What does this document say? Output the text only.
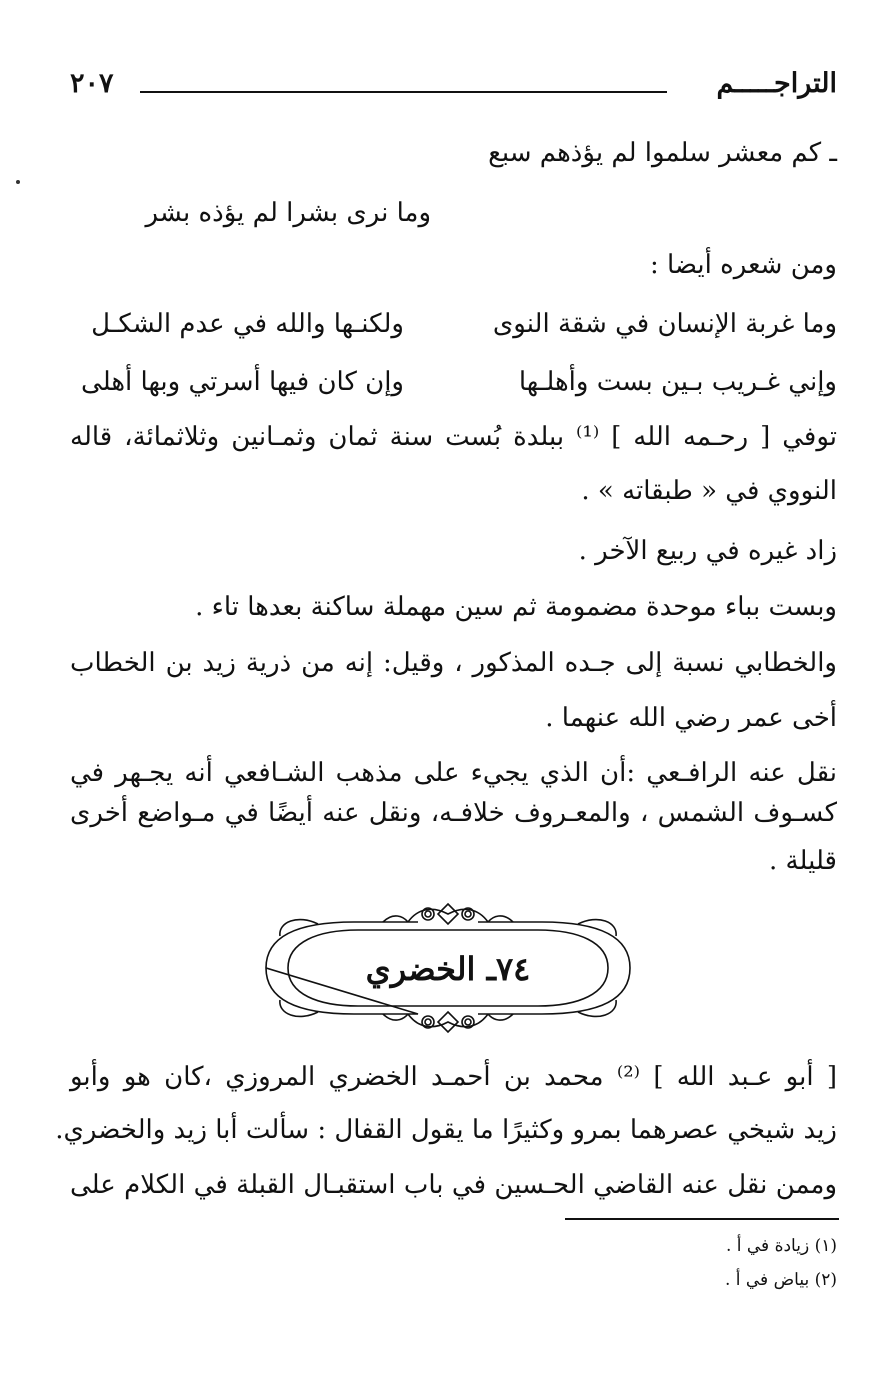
التراجـــــم
٢٠٧
ـ كم معشر سلموا لم يؤذهم سبع
وما نرى بشرا لم يؤذه بشر
ومن شعره أيضا :
وما غربة الإنسان في شقة النوى
ولكنـها والله في عدم الشكـل
وإني غـريب بـين بست وأهلـها
وإن كان فيها أسرتي وبها أهلى
توفي [ رحـمه الله ] ⁽¹⁾ ببلدة بُست سنة ثمان وثمـانين وثلاثمائة، قاله
النووي في « طبقاته » .
زاد غيره في ربيع الآخر .
وبست بباء موحدة مضمومة ثم سين مهملة ساكنة بعدها تاء .
والخطابي نسبة إلى جـده المذكور ، وقيل: إنه من ذرية زيد بن الخطاب
أخى عمر رضي الله عنهما .
نقل عنه الرافـعي :أن الذي يجيء على مذهب الشـافعي أنه يجـهر في
كسـوف الشمس ، والمعـروف خلافـه، ونقل عنه أيضًا في مـواضع أخرى
قليلة .
٧٤ـ الخضري
[ أبو عـبد الله ] ⁽²⁾ محمد بن أحمـد الخضري المروزي ،كان هو وأبو
زيد شيخي عصرهما بمرو وكثيرًا ما يقول القفال : سألت أبا زيد والخضري.
وممن نقل عنه القاضي الحـسين في باب استقبـال القبلة في الكلام على
(١) زيادة في أ .
(٢) بياض في أ .
